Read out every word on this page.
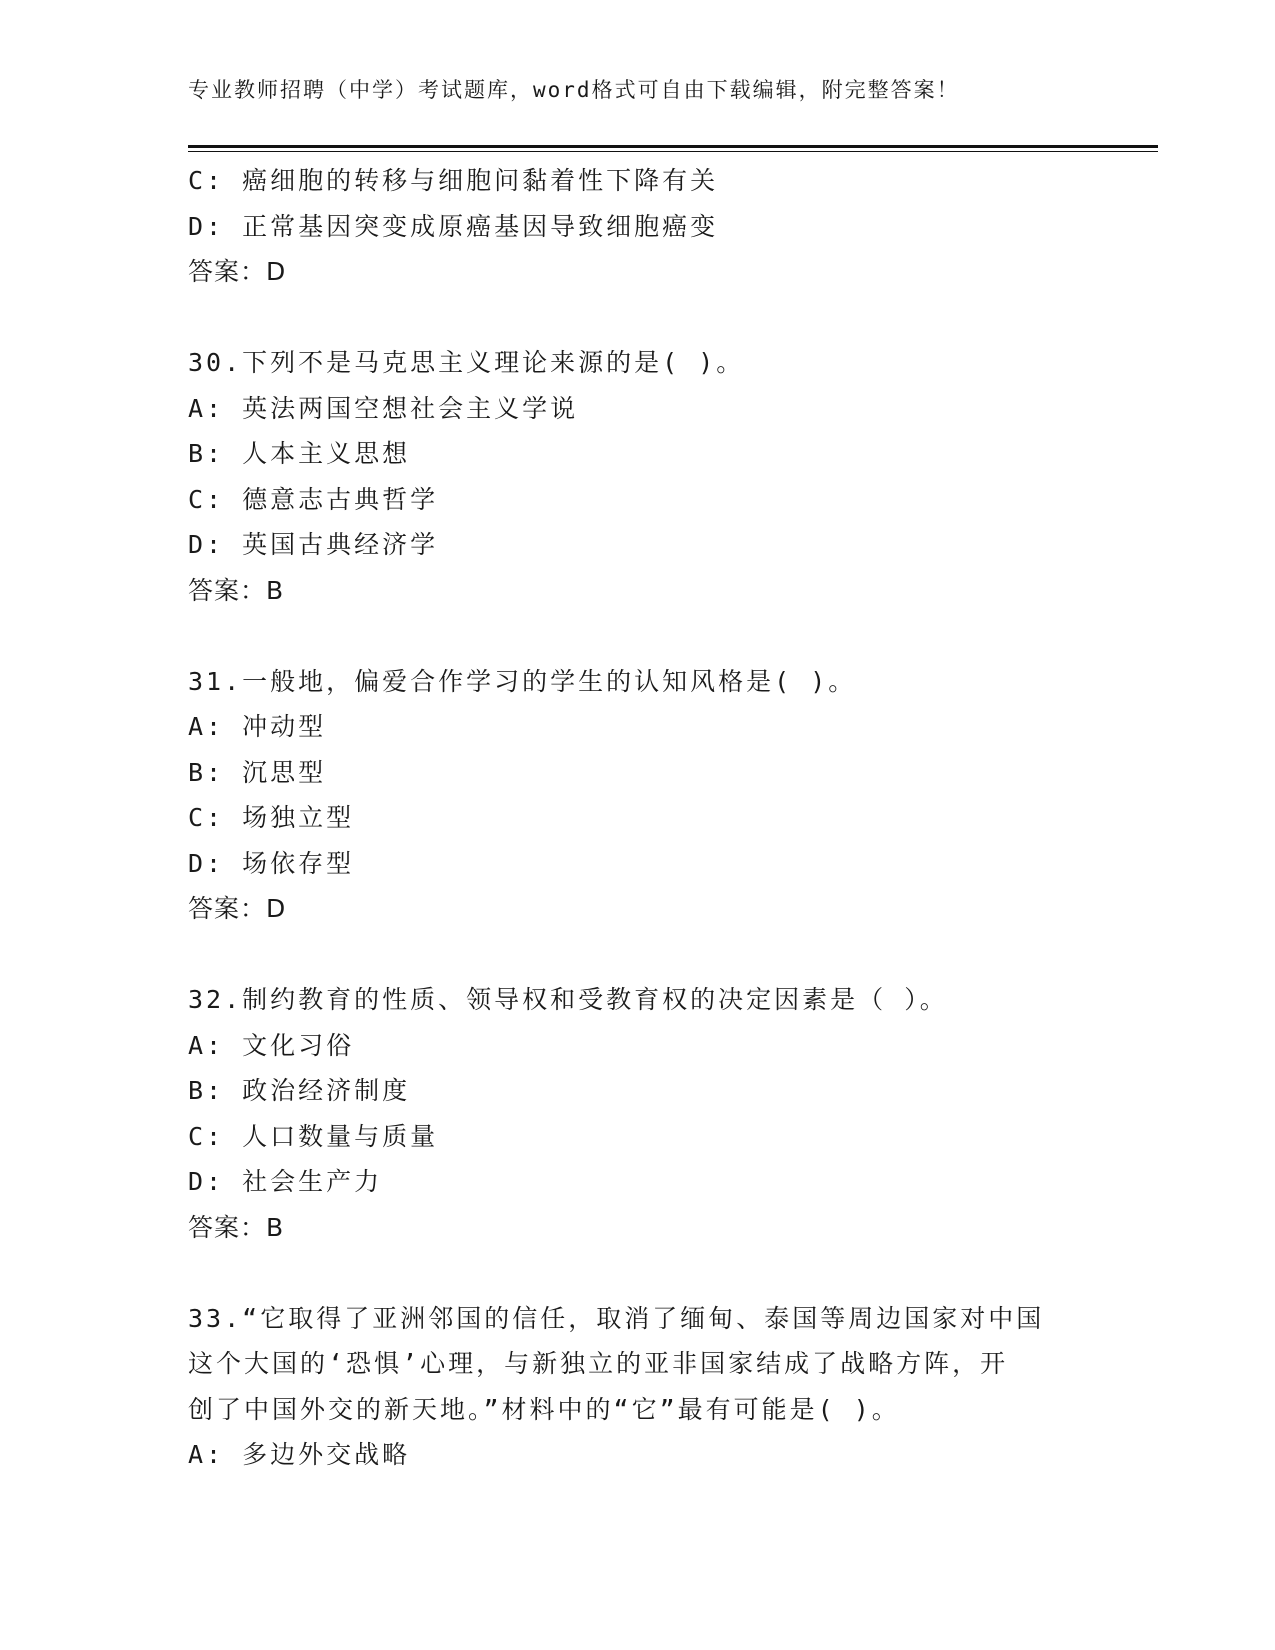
专业教师招聘（中学）考试题库，word格式可自由下载编辑，附完整答案！

C: 癌细胞的转移与细胞问黏着性下降有关

D: 正常基因突变成原癌基因导致细胞癌变

答案：D

30.下列不是马克思主义理论来源的是( )。

A: 英法两国空想社会主义学说

B: 人本主义思想

C: 德意志古典哲学

D: 英国古典经济学

答案：B

31.一般地，偏爱合作学习的学生的认知风格是( )。

A: 冲动型

B: 沉思型

C: 场独立型

D: 场依存型

答案：D

32.制约教育的性质、领导权和受教育权的决定因素是（ ）。

A: 文化习俗

B: 政治经济制度

C: 人口数量与质量

D: 社会生产力

答案：B

33.“它取得了亚洲邻国的信任，取消了缅甸、泰国等周边国家对中国

这个大国的‘恐惧’心理，与新独立的亚非国家结成了战略方阵，开

创了中国外交的新天地。”材料中的“它”最有可能是( )。

A: 多边外交战略
